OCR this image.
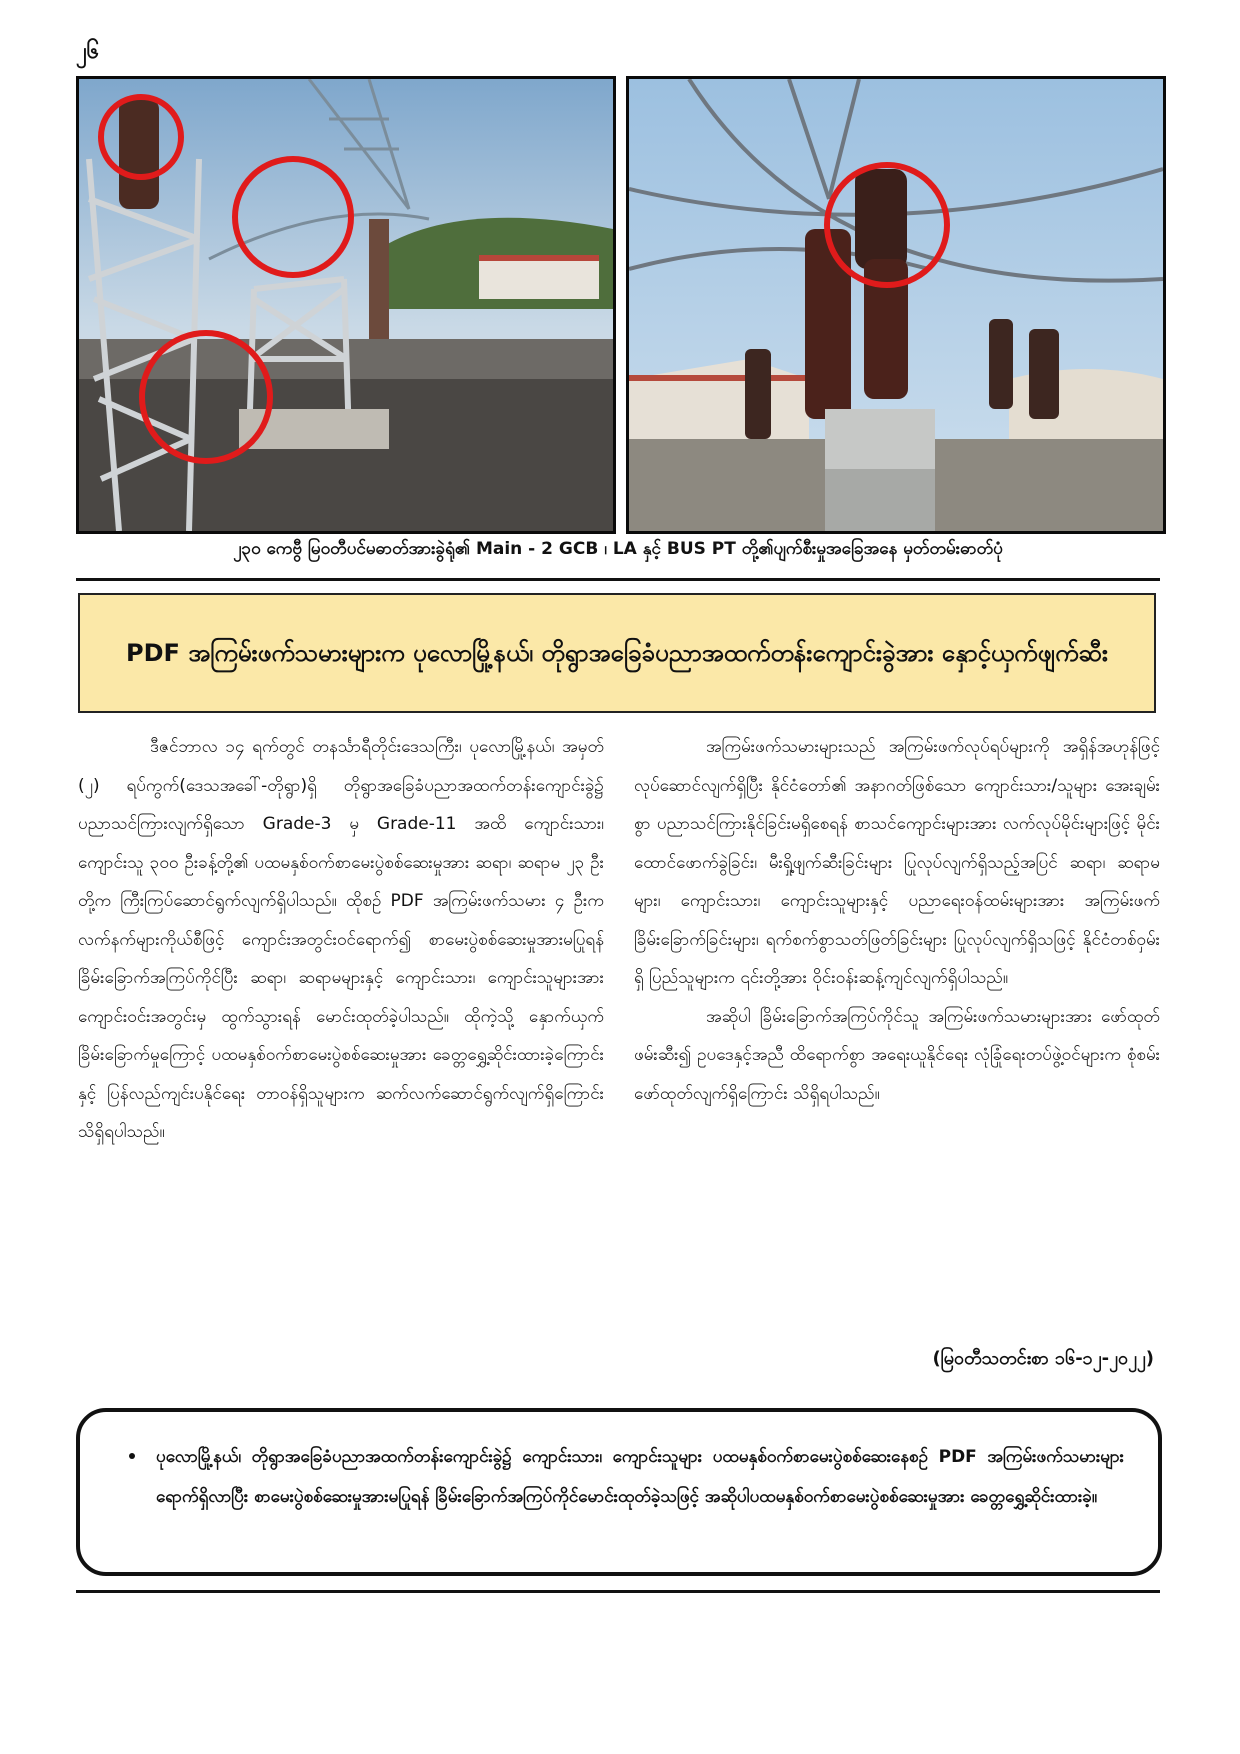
၂၆
၂၃၀ ကေဗွီ မြဝတီပင်မဓာတ်အားခွဲရုံ၏ Main - 2 GCB ၊ LA နှင့် BUS PT တို့၏ပျက်စီးမှုအခြေအနေ မှတ်တမ်းဓာတ်ပုံ
PDF အကြမ်းဖက်သမားများက ပုလောမြို့နယ်၊ တိုရွာအခြေခံပညာအထက်တန်းကျောင်းခွဲအား နှောင့်ယှက်ဖျက်ဆီး

ဒီဇင်ဘာလ ၁၄ ရက်တွင် တနင်္သာရီတိုင်းဒေသကြီး၊ ပုလောမြို့နယ်၊ အမှတ် (၂) ရပ်ကွက်(ဒေသအခေါ်-တိုရွာ)ရှိ တိုရွာအခြေခံပညာအထက်တန်းကျောင်းခွဲ၌ ပညာသင်ကြားလျက်ရှိသော Grade-3 မှ Grade-11 အထိ ကျောင်းသား၊ ကျောင်းသူ ၃၀၀ ဦးခန့်တို့၏ ပထမနှစ်ဝက်စာမေးပွဲစစ်ဆေးမှုအား ဆရာ၊ ဆရာမ ၂၃ ဦးတို့က ကြီးကြပ်ဆောင်ရွက်လျက်ရှိပါသည်။ ထိုစဉ် PDF အကြမ်းဖက်သမား ၄ ဦးက လက်နက်များကိုယ်စီဖြင့် ကျောင်းအတွင်းဝင်ရောက်၍ စာမေးပွဲစစ်ဆေးမှုအားမပြုရန် ခြိမ်းခြောက်အကြပ်ကိုင်ပြီး ဆရာ၊ ဆရာမများနှင့် ကျောင်းသား၊ ကျောင်းသူများအား ကျောင်းဝင်းအတွင်းမှ ထွက်သွားရန် မောင်းထုတ်ခဲ့ပါသည်။ ထိုကဲ့သို့ နှောက်ယှက်ခြိမ်းခြောက်မှုကြောင့် ပထမနှစ်ဝက်စာမေးပွဲစစ်ဆေးမှုအား ခေတ္တရွှေ့ဆိုင်းထားခဲ့ကြောင်းနှင့် ပြန်လည်ကျင်းပနိုင်ရေး တာဝန်ရှိသူများက ဆက်လက်ဆောင်ရွက်လျက်ရှိကြောင်း သိရှိရပါသည်။

အကြမ်းဖက်သမားများသည် အကြမ်းဖက်လုပ်ရပ်များကို အရှိန်အဟုန်ဖြင့် လုပ်ဆောင်လျက်ရှိပြီး နိုင်ငံတော်၏ အနာဂတ်ဖြစ်သော ကျောင်းသား/သူများ အေးချမ်းစွာ ပညာသင်ကြားနိုင်ခြင်းမရှိစေရန် စာသင်ကျောင်းများအား လက်လုပ်မိုင်းများဖြင့် မိုင်းထောင်ဖောက်ခွဲခြင်း၊ မီးရှို့ဖျက်ဆီးခြင်းများ ပြုလုပ်လျက်ရှိသည့်အပြင် ဆရာ၊ ဆရာမများ၊ ကျောင်းသား၊ ကျောင်းသူများနှင့် ပညာရေးဝန်ထမ်းများအား အကြမ်းဖက်ခြိမ်းခြောက်ခြင်းများ၊ ရက်စက်စွာသတ်ဖြတ်ခြင်းများ ပြုလုပ်လျက်ရှိသဖြင့် နိုင်ငံတစ်ဝှမ်းရှိ ပြည်သူများက ၎င်းတို့အား ဝိုင်းဝန်းဆန့်ကျင်လျက်ရှိပါသည်။

အဆိုပါ ခြိမ်းခြောက်အကြပ်ကိုင်သူ အကြမ်းဖက်သမားများအား ဖော်ထုတ်ဖမ်းဆီး၍ ဥပဒေနှင့်အညီ ထိရောက်စွာ အရေးယူနိုင်ရေး လုံခြုံရေးတပ်ဖွဲ့ဝင်များက စုံစမ်းဖော်ထုတ်လျက်ရှိကြောင်း သိရှိရပါသည်။

(မြဝတီသတင်းစာ ၁၆-၁၂-၂၀၂၂)
• ပုလောမြို့နယ်၊ တိုရွာအခြေခံပညာအထက်တန်းကျောင်းခွဲ၌ ကျောင်းသား၊ ကျောင်းသူများ ပထမနှစ်ဝက်စာမေးပွဲစစ်ဆေးနေစဉ် PDF အကြမ်းဖက်သမားများရောက်ရှိလာပြီး စာမေးပွဲစစ်ဆေးမှုအားမပြုရန် ခြိမ်းခြောက်အကြပ်ကိုင်မောင်းထုတ်ခဲ့သဖြင့် အဆိုပါပထမနှစ်ဝက်စာမေးပွဲစစ်ဆေးမှုအား ခေတ္တရွှေ့ဆိုင်းထားခဲ့။
